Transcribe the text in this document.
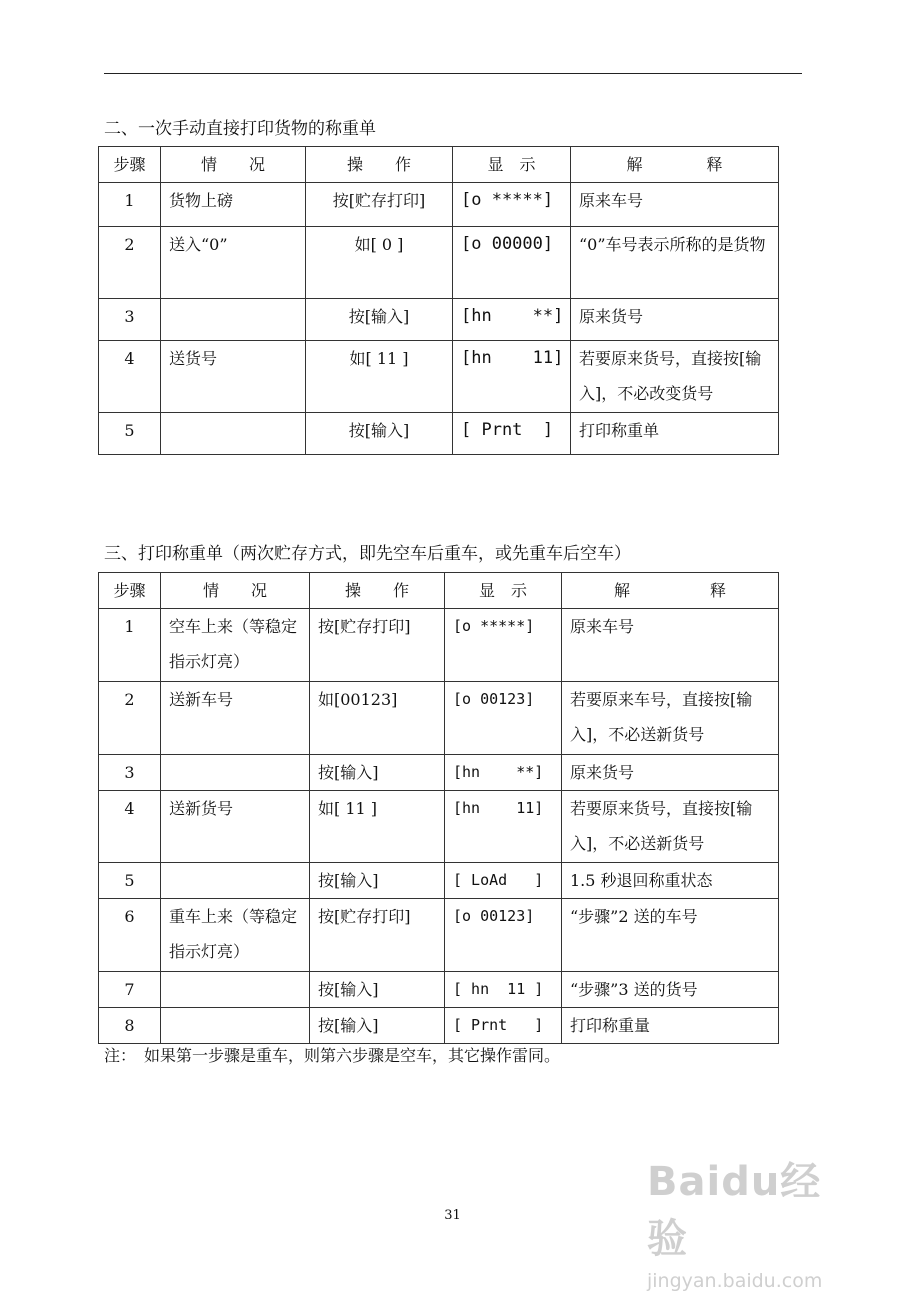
二、一次手动直接打印货物的称重单
步骤	情　　况	操　　作	显　示	解　　　　释
1	货物上磅	按[贮存打印]	[o *****]	原来车号
2	送入“0”	如[ 0 ]	[o 00000]	“0”车号表示所称的是货物
3		按[输入]	[hn    **]	原来货号
4	送货号	如[ 11 ]	[hn    11]	若要原来货号，直接按[输入]，不必改变货号
5		按[输入]	[ Prnt  ]	打印称重单
三、打印称重单（两次贮存方式，即先空车后重车，或先重车后空车）
步骤	情　　况	操　　作	显　示	解　　　　　释
1	空车上来（等稳定指示灯亮）	按[贮存打印]	[o *****]	原来车号
2	送新车号	如[00123]	[o 00123]	若要原来车号，直接按[输入]，不必送新货号
3		按[输入]	[hn    **]	原来货号
4	送新货号	如[ 11 ]	[hn    11]	若要原来货号，直接按[输入]，不必送新货号
5		按[输入]	[ LoAd   ]	1.5 秒退回称重状态
6	重车上来（等稳定指示灯亮）	按[贮存打印]	[o 00123]	“步骤”2 送的车号
7		按[输入]	[ hn  11 ]	“步骤”3 送的货号
8		按[输入]	[ Prnt   ]	打印称重量
注：　如果第一步骤是重车，则第六步骤是空车，其它操作雷同。
31
Baidu经验
jingyan.baidu.com
